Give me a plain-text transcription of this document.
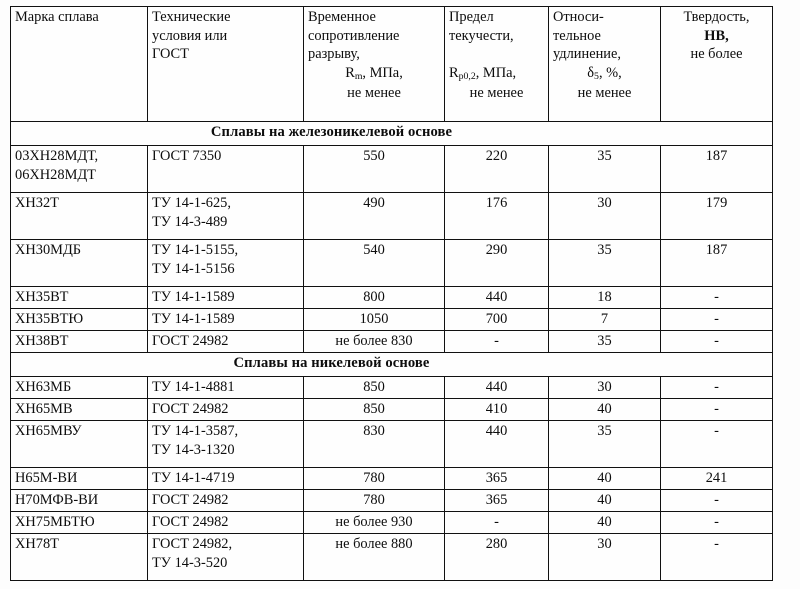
Марка сплава	Технические
условия или
ГОСТ	Временное
сопротивление
разрыву,
$R_m$, МПа,
не менее	Предел
текучести,

$R_{p0,2}$, МПа,
не менее	Относи-
тельное
удлинение,
$\delta_5$, %,
не менее	Твердость,
HB,
не более

Сплавы на железоникелевой основе					

03ХН28МДТ,
06ХН28МДТ	ГОСТ 7350	550	220	35	187
ХН32Т	ТУ 14-1-625,
ТУ 14-3-489	490	176	30	179
ХН30МДБ	ТУ 14-1-5155,
ТУ 14-1-5156	540	290	35	187
ХН35ВТ	ТУ 14-1-1589	800	440	18	-
ХН35ВТЮ	ТУ 14-1-1589	1050	700	7	-
ХН38ВТ	ГОСТ 24982	не более 830	-	35	-

Сплавы на никелевой основе					

ХН63МБ	ТУ 14-1-4881	850	440	30	-
ХН65МВ	ГОСТ 24982	850	410	40	-
ХН65МВУ	ТУ 14-1-3587,
ТУ 14-3-1320	830	440	35	-
Н65М-ВИ	ТУ 14-1-4719	780	365	40	241
Н70МФВ-ВИ	ГОСТ 24982	780	365	40	-
ХН75МБТЮ	ГОСТ 24982	не более 930	-	40	-
ХН78Т	ГОСТ 24982,
ТУ 14-3-520	не более 880	280	30	-
